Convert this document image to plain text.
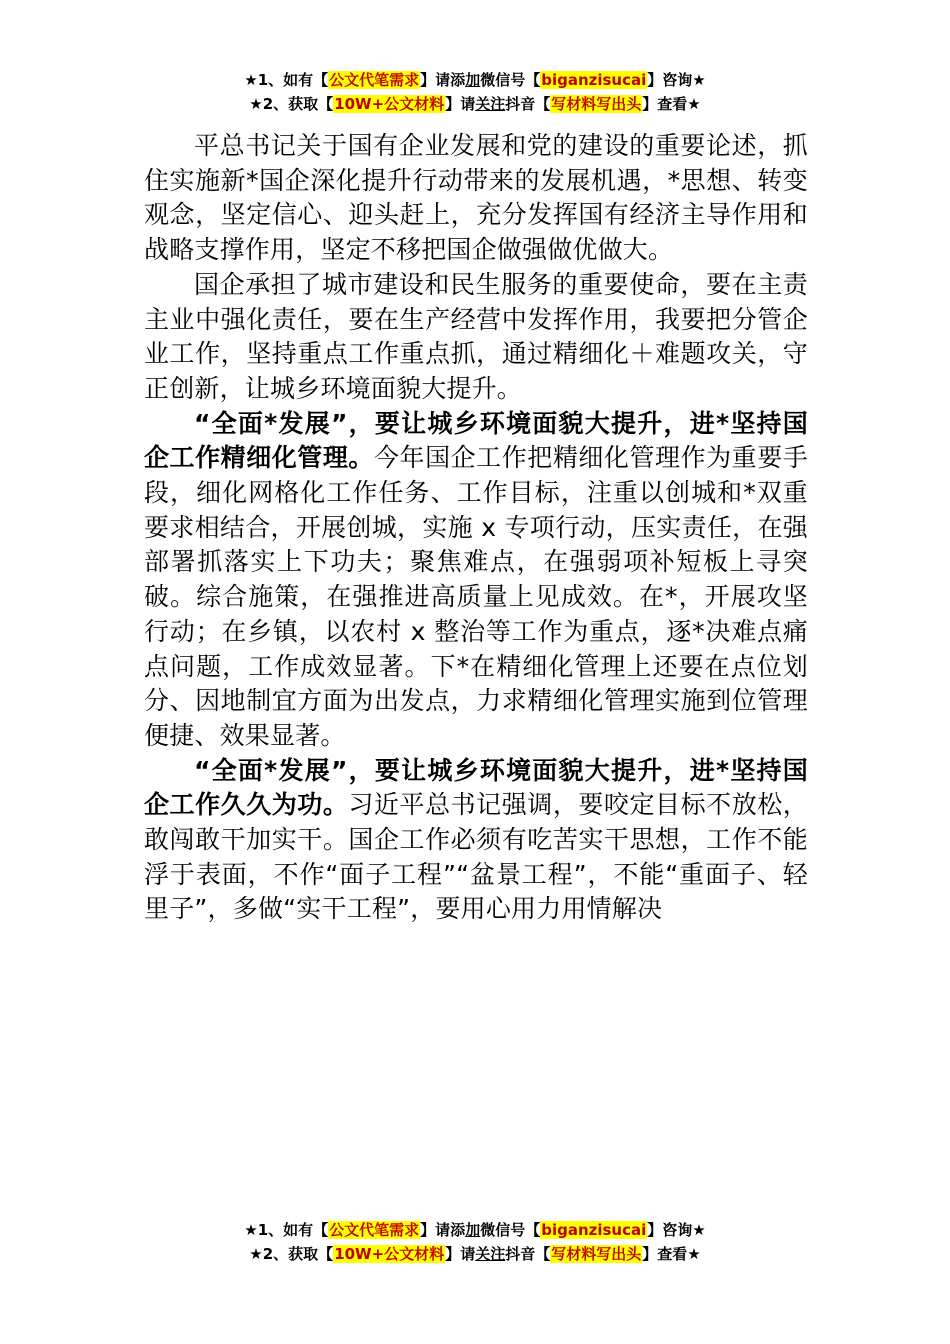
★1、如有【公文代笔需求】请添加微信号【biganzisucai】咨询★
★2、获取【10W+公文材料】请关注抖音【写材料写出头】查看★

平总书记关于国有企业发展和党的建设的重要论述，抓住实施新*国企深化提升行动带来的发展机遇，*思想、转变观念，坚定信心、迎头赶上，充分发挥国有经济主导作用和战略支撑作用，坚定不移把国企做强做优做大。

国企承担了城市建设和民生服务的重要使命，要在主责主业中强化责任，要在生产经营中发挥作用，我要把分管企业工作，坚持重点工作重点抓，通过精细化＋难题攻关，守正创新，让城乡环境面貌大提升。

“全面*发展”，要让城乡环境面貌大提升，进*坚持国企工作精细化管理。今年国企工作把精细化管理作为重要手段，细化网格化工作任务、工作目标，注重以创城和*双重要求相结合，开展创城，实施 x 专项行动，压实责任，在强部署抓落实上下功夫；聚焦难点，在强弱项补短板上寻突破。综合施策，在强推进高质量上见成效。在*，开展攻坚行动；在乡镇，以农村 x 整治等工作为重点，逐*决难点痛点问题，工作成效显著。下*在精细化管理上还要在点位划分、因地制宜方面为出发点，力求精细化管理实施到位管理便捷、效果显著。

“全面*发展”，要让城乡环境面貌大提升，进*坚持国企工作久久为功。习近平总书记强调，要咬定目标不放松，敢闯敢干加实干。国企工作必须有吃苦实干思想，工作不能浮于表面，不作“面子工程”“盆景工程”，不能“重面子、轻里子”，多做“实干工程”，要用心用力用情解决

★1、如有【公文代笔需求】请添加微信号【biganzisucai】咨询★
★2、获取【10W+公文材料】请关注抖音【写材料写出头】查看★
